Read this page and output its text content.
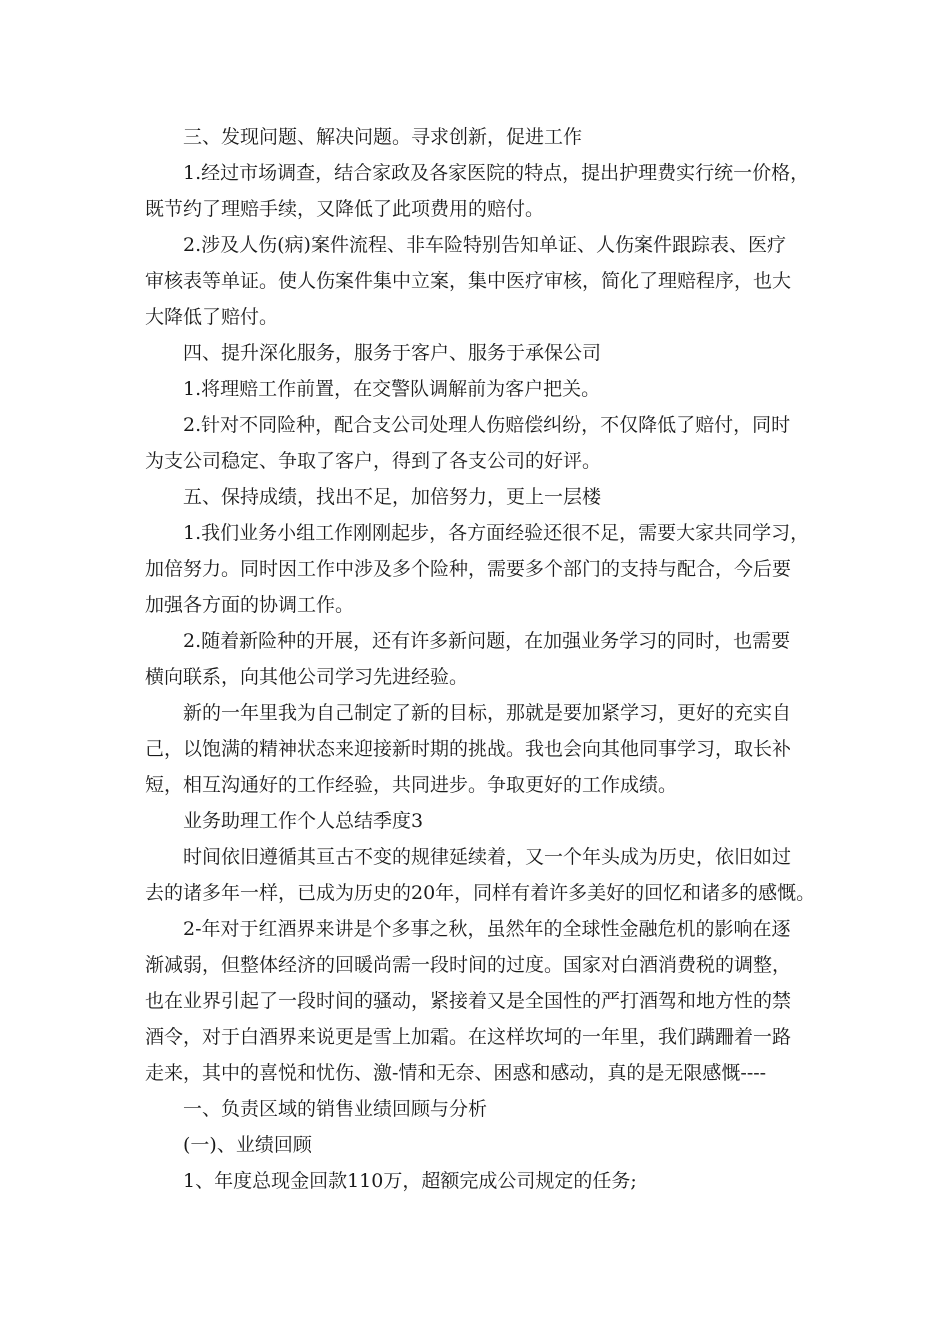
三、发现问题、解决问题。寻求创新，促进工作
1.经过市场调查，结合家政及各家医院的特点，提出护理费实行统一价格，
既节约了理赔手续，又降低了此项费用的赔付。
2.涉及人伤(病)案件流程、非车险特别告知单证、人伤案件跟踪表、医疗
审核表等单证。使人伤案件集中立案，集中医疗审核，简化了理赔程序，也大
大降低了赔付。
四、提升深化服务，服务于客户、服务于承保公司
1.将理赔工作前置，在交警队调解前为客户把关。
2.针对不同险种，配合支公司处理人伤赔偿纠纷，不仅降低了赔付，同时
为支公司稳定、争取了客户，得到了各支公司的好评。
五、保持成绩，找出不足，加倍努力，更上一层楼
1.我们业务小组工作刚刚起步，各方面经验还很不足，需要大家共同学习，
加倍努力。同时因工作中涉及多个险种，需要多个部门的支持与配合，今后要
加强各方面的协调工作。
2.随着新险种的开展，还有许多新问题，在加强业务学习的同时，也需要
横向联系，向其他公司学习先进经验。
新的一年里我为自己制定了新的目标，那就是要加紧学习，更好的充实自
己，以饱满的精神状态来迎接新时期的挑战。我也会向其他同事学习，取长补
短，相互沟通好的工作经验，共同进步。争取更好的工作成绩。
业务助理工作个人总结季度3
时间依旧遵循其亘古不变的规律延续着，又一个年头成为历史，依旧如过
去的诸多年一样，已成为历史的20年，同样有着许多美好的回忆和诸多的感慨。
2-年对于红酒界来讲是个多事之秋，虽然年的全球性金融危机的影响在逐
渐减弱，但整体经济的回暖尚需一段时间的过度。国家对白酒消费税的调整，
也在业界引起了一段时间的骚动，紧接着又是全国性的严打酒驾和地方性的禁
酒令，对于白酒界来说更是雪上加霜。在这样坎坷的一年里，我们蹒跚着一路
走来，其中的喜悦和忧伤、激-情和无奈、困惑和感动，真的是无限感慨----
一、负责区域的销售业绩回顾与分析
(一)、业绩回顾
1、年度总现金回款110万，超额完成公司规定的任务;
